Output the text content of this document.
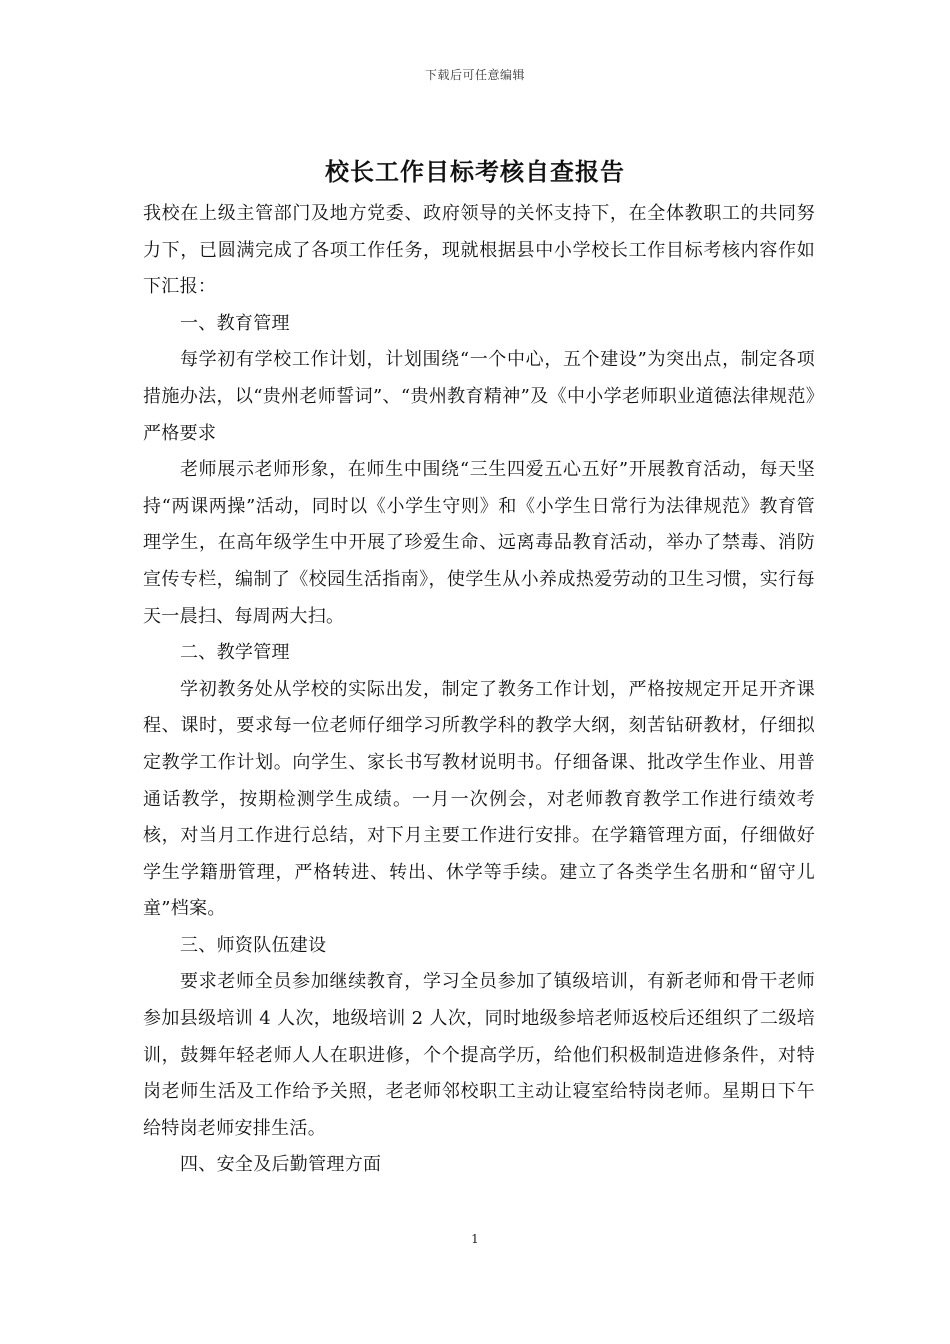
下载后可任意编辑
校长工作目标考核自查报告

我校在上级主管部门及地方党委、政府领导的关怀支持下，在全体教职工的共同努力下，已圆满完成了各项工作任务，现就根据县中小学校长工作目标考核内容作如下汇报：

一、教育管理

每学初有学校工作计划，计划围绕“一个中心，五个建设”为突出点，制定各项措施办法，以“贵州老师誓词”、“贵州教育精神”及《中小学老师职业道德法律规范》严格要求

老师展示老师形象，在师生中围绕“三生四爱五心五好”开展教育活动，每天坚持“两课两操”活动，同时以《小学生守则》和《小学生日常行为法律规范》教育管理学生，在高年级学生中开展了珍爱生命、远离毒品教育活动，举办了禁毒、消防宣传专栏，编制了《校园生活指南》，使学生从小养成热爱劳动的卫生习惯，实行每天一晨扫、每周两大扫。

二、教学管理

学初教务处从学校的实际出发，制定了教务工作计划，严格按规定开足开齐课程、课时，要求每一位老师仔细学习所教学科的教学大纲，刻苦钻研教材，仔细拟定教学工作计划。向学生、家长书写教材说明书。仔细备课、批改学生作业、用普通话教学，按期检测学生成绩。一月一次例会，对老师教育教学工作进行绩效考核，对当月工作进行总结，对下月主要工作进行安排。在学籍管理方面，仔细做好学生学籍册管理，严格转进、转出、休学等手续。建立了各类学生名册和“留守儿童”档案。

三、师资队伍建设

要求老师全员参加继续教育，学习全员参加了镇级培训，有新老师和骨干老师参加县级培训 4 人次，地级培训 2 人次，同时地级参培老师返校后还组织了二级培训，鼓舞年轻老师人人在职进修，个个提高学历，给他们积极制造进修条件，对特岗老师生活及工作给予关照，老老师邻校职工主动让寝室给特岗老师。星期日下午给特岗老师安排生活。

四、安全及后勤管理方面

1
